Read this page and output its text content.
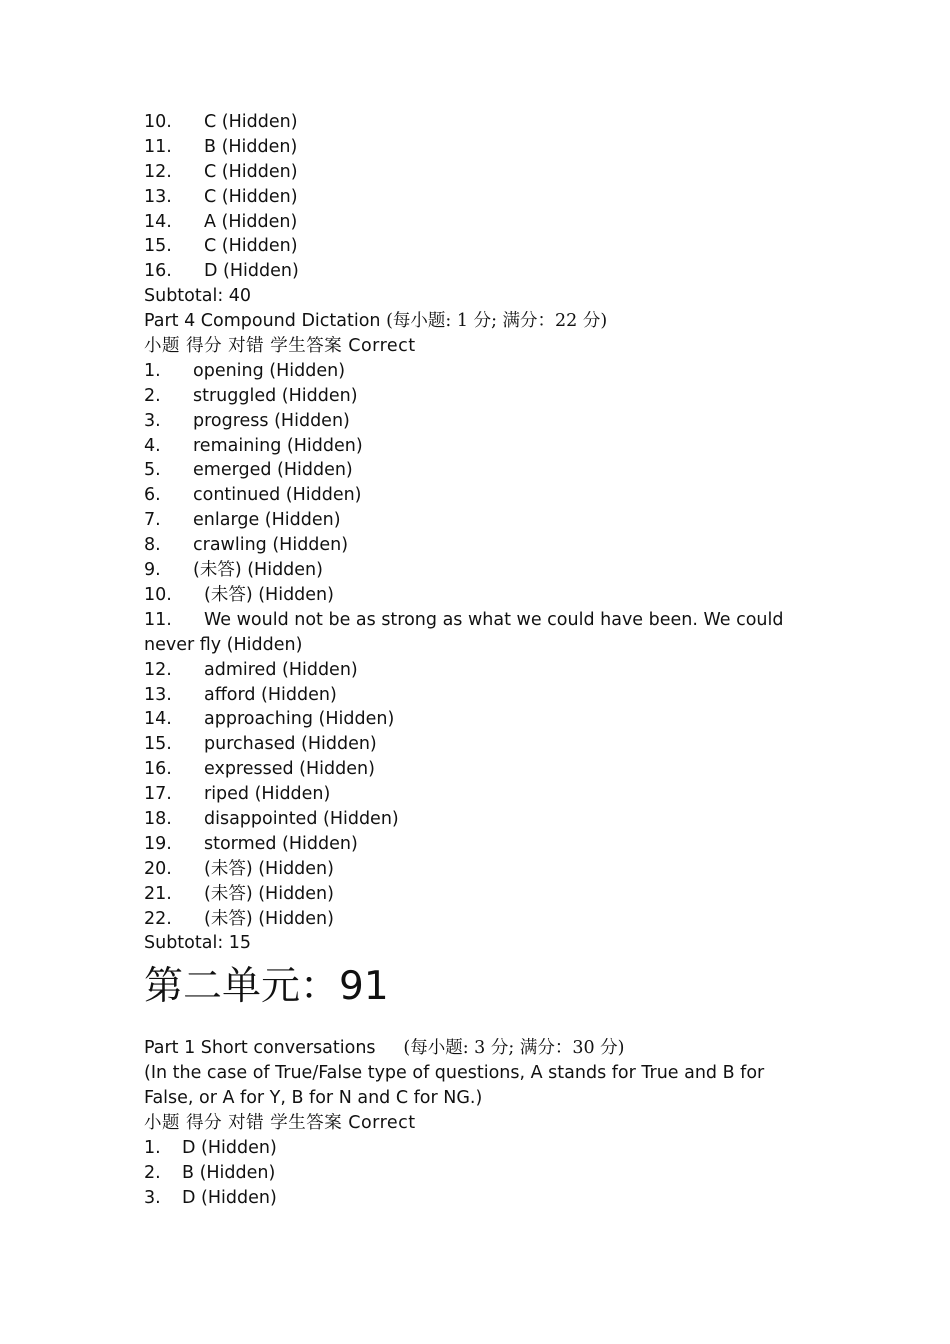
10. C (Hidden)
11. B (Hidden)
12. C (Hidden)
13. C (Hidden)
14. A (Hidden)
15. C (Hidden)
16. D (Hidden)
Subtotal: 40
Part 4 Compound Dictation (每小题: 1 分; 满分：22 分)
小题 得分 对错 学生答案 Correct
1. opening (Hidden)
2. struggled (Hidden)
3. progress (Hidden)
4. remaining (Hidden)
5. emerged (Hidden)
6. continued (Hidden)
7. enlarge (Hidden)
8. crawling (Hidden)
9. (未答) (Hidden)
10. (未答) (Hidden)
11. We would not be as strong as what we could have been. We could never fly (Hidden)
12. admired (Hidden)
13. afford (Hidden)
14. approaching (Hidden)
15. purchased (Hidden)
16. expressed (Hidden)
17. riped (Hidden)
18. disappointed (Hidden)
19. stormed (Hidden)
20. (未答) (Hidden)
21. (未答) (Hidden)
22. (未答) (Hidden)
Subtotal: 15
第二单元：91
Part 1 Short conversations (每小题: 3 分; 满分：30 分)
(In the case of True/False type of questions, A stands for True and B for False, or A for Y, B for N and C for NG.)
小题 得分 对错 学生答案 Correct
1. D (Hidden)
2. B (Hidden)
3. D (Hidden)
